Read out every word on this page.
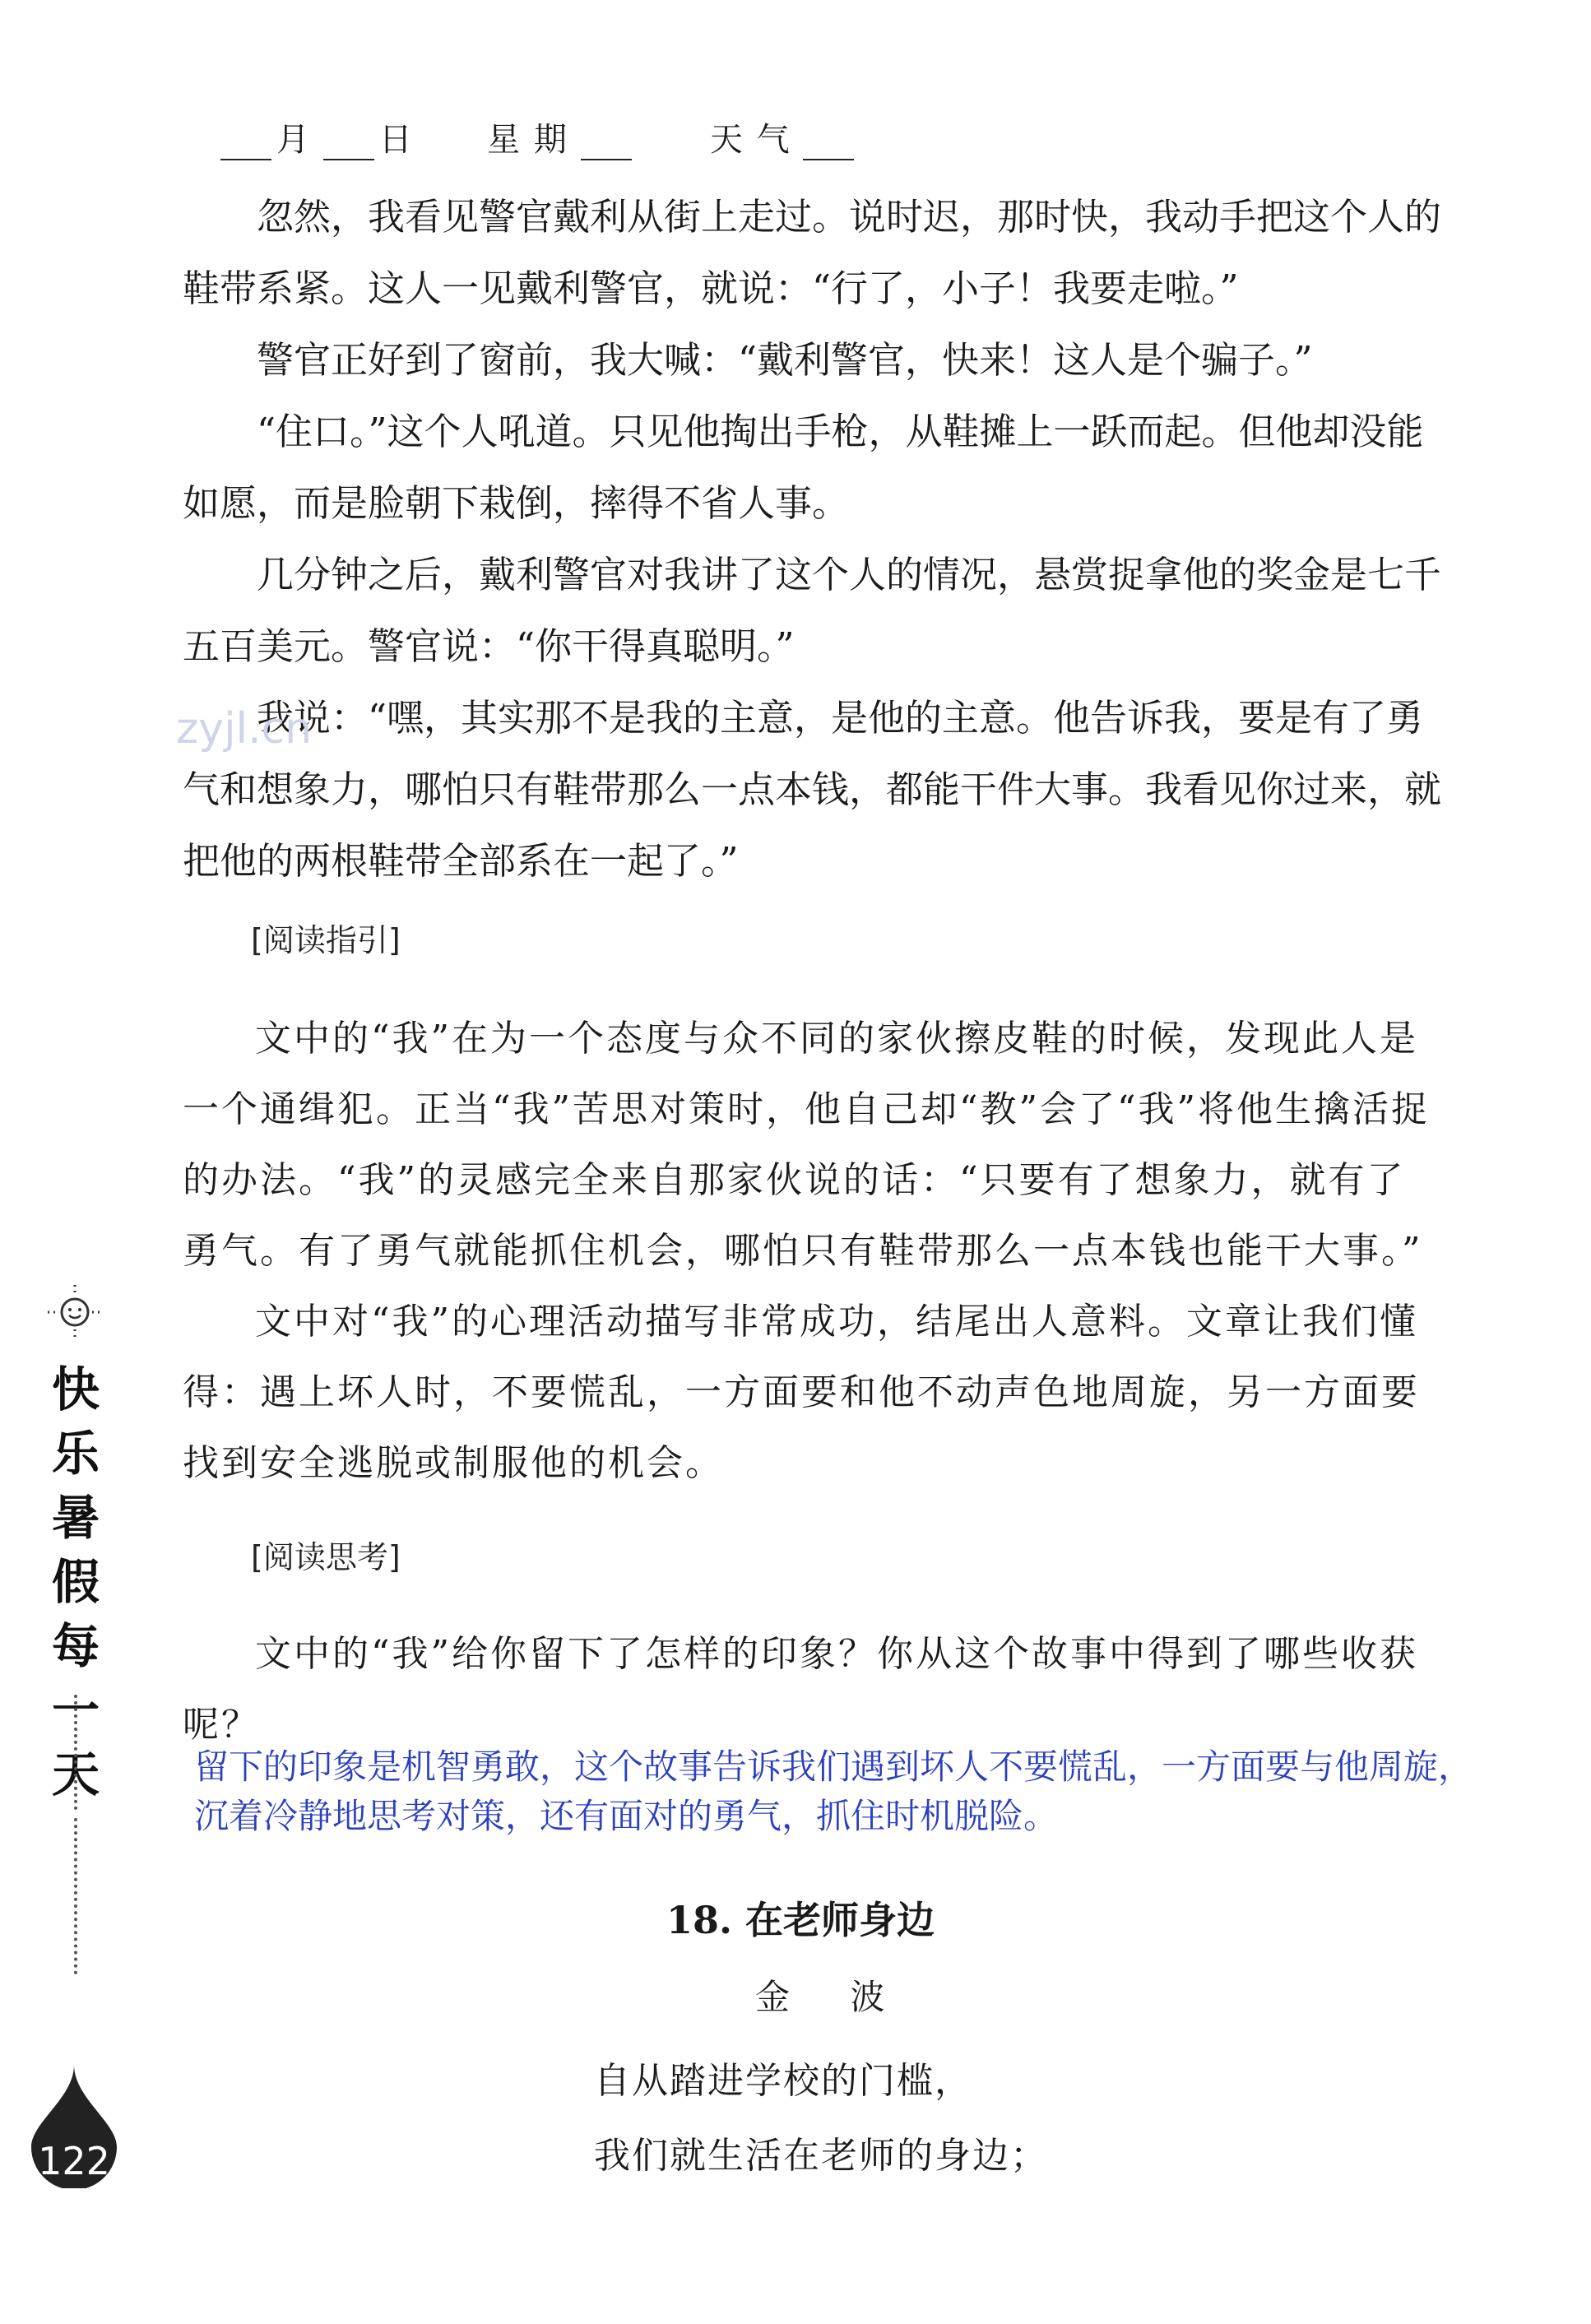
月 日 星 期	天 气

忽然，我看见警官戴利从街上走过。说时迟，那时快，我动手把这个人的鞋带系紧。这人一见戴利警官，就说：“行了，小子！我要走啦。”

警官正好到了窗前，我大喊：“戴利警官，快来！这人是个骗子。”

“住口。”这个人吼道。只见他掏出手枪，从鞋摊上一跃而起。但他却没能如愿，而是脸朝下栽倒，摔得不省人事。

几分钟之后，戴利警官对我讲了这个人的情况，悬赏捉拿他的奖金是七千五百美元。警官说：“你干得真聪明。”

我说：“嘿，其实那不是我的主意，是他的主意。他告诉我，要是有了勇气和想象力，哪怕只有鞋带那么一点本钱，都能干件大事。我看见你过来，就把他的两根鞋带全部系在一起了。”

zyjl.cn
[阅读指引]

文中的“我”在为一个态度与众不同的家伙擦皮鞋的时候，发现此人是一个通缉犯。正当“我”苦思对策时，他自己却“教”会了“我”将他生擒活捉的办法。“我”的灵感完全来自那家伙说的话：“只要有了想象力，就有了勇气。有了勇气就能抓住机会，哪怕只有鞋带那么一点本钱也能干大事。”

文中对“我”的心理活动描写非常成功，结尾出人意料。文章让我们懂得：遇上坏人时，不要慌乱，一方面要和他不动声色地周旋，另一方面要找到安全逃脱或制服他的机会。

[阅读思考]

文中的“我”给你留下了怎样的印象？你从这个故事中得到了哪些收获呢？

留下的印象是机智勇敢，这个故事告诉我们遇到坏人不要慌乱，一方面要与他周旋，沉着冷静地思考对策，还有面对的勇气，抓住时机脱险。
18. 在老师身边
金 波
自从踏进学校的门槛，
我们就生活在老师的身边；
快乐暑假每一天
122
